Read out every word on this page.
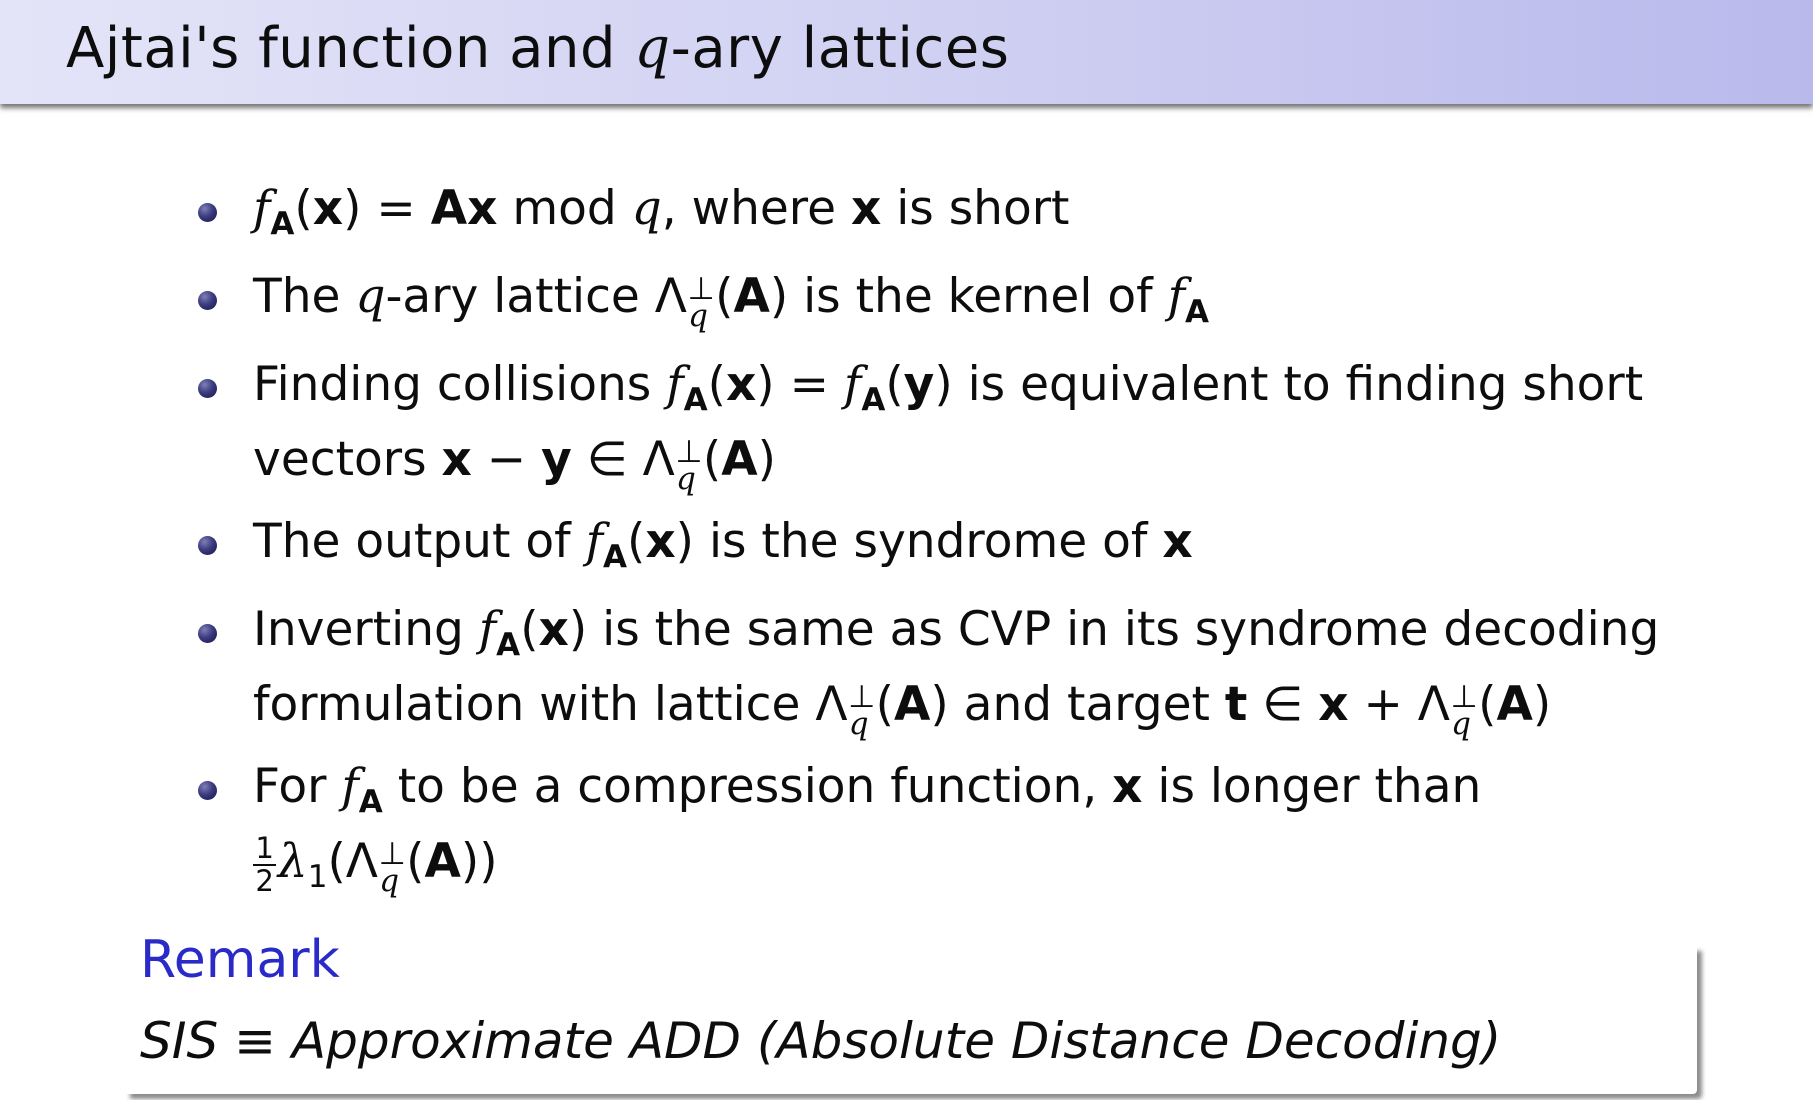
Ajtai's function and q-ary lattices
$f_A(x) = Ax$ mod q, where x is short
The q-ary lattice Λ ⊥
q (A) is the kernel of $f_A$
Finding collisions $f_A(x) = f_A(y)$ is equivalent to finding short
vectors x − y ∈ Λ ⊥
q (A)
The output of $f_A(x)$ is the syndrome of x
Inverting $f_A(x)$ is the same as CVP in its syndrome decoding
formulation with lattice Λ ⊥
q (A) and target t ∈ x + Λ ⊥
q (A)
For $f_A$ to be a compression function, x is longer than

$\frac{1}{2} \lambda_1(\Lambda$ ⊥
q (A))
Remark
SIS ≡ Approximate ADD (Absolute Distance Decoding)
